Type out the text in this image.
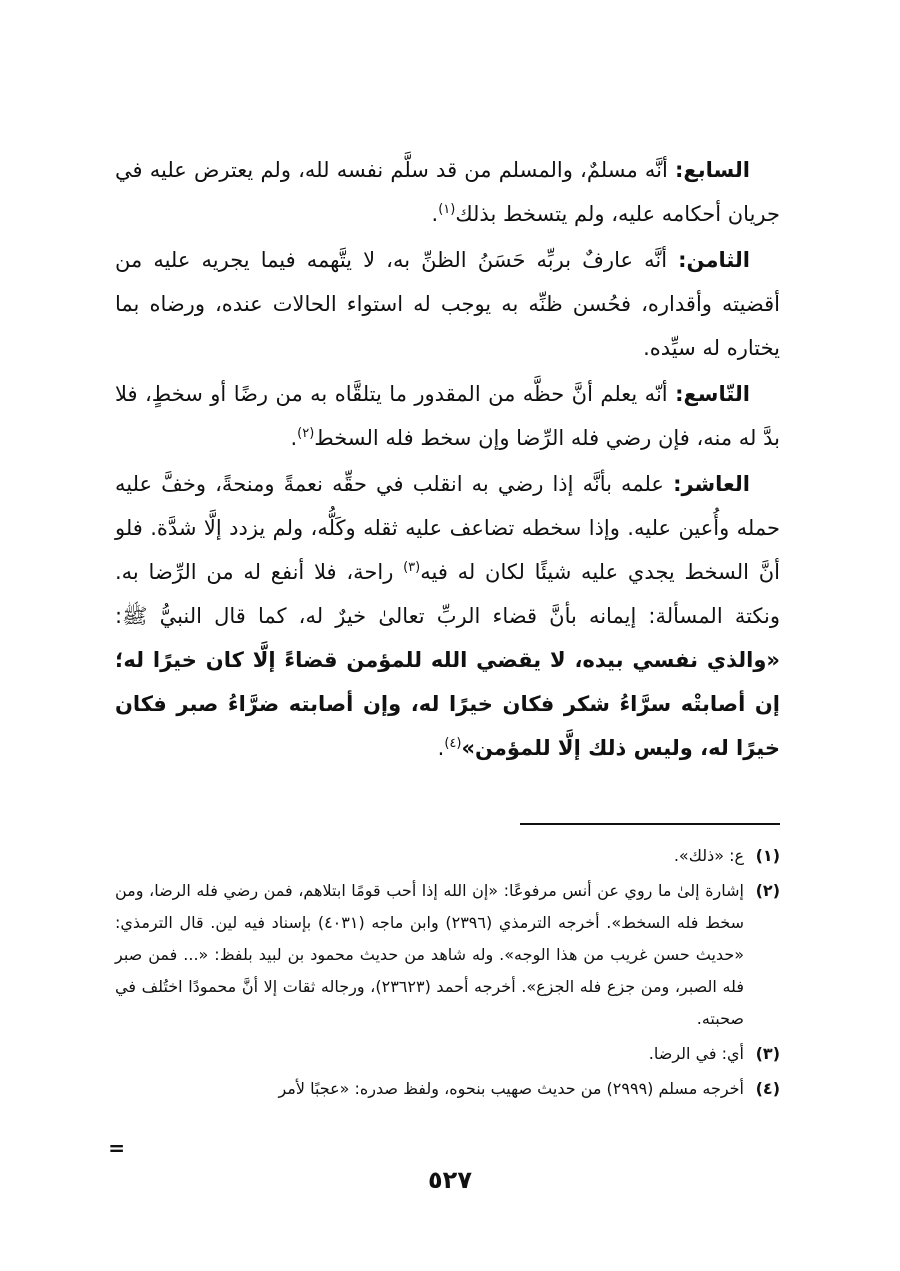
السابع: أنَّه مسلمٌ، والمسلم من قد سلَّم نفسه لله، ولم يعترض عليه في جريان أحكامه عليه، ولم يتسخط بذلك$^{(١)}$.

الثامن: أنَّه عارفٌ بربِّه حَسَنُ الظنِّ به، لا يتَّهمه فيما يجريه عليه من أقضيته وأقداره، فحُسن ظنِّه به يوجب له استواء الحالات عنده، ورضاه بما يختاره له سيِّده.

التّاسع: أنّه يعلم أنَّ حظَّه من المقدور ما يتلقَّاه به من رضًا أو سخطٍ، فلا بدَّ له منه، فإن رضي فله الرِّضا وإن سخط فله السخط$^{(٢)}$.

العاشر: علمه بأنَّه إذا رضي به انقلب في حقِّه نعمةً ومنحةً، وخفَّ عليه حمله وأُعين عليه. وإذا سخطه تضاعف عليه ثقله وكَلُّه، ولم يزدد إلَّا شدَّة. فلو أنَّ السخط يجدي عليه شيئًا لكان له فيه$^{(٣)}$ راحة، فلا أنفع له من الرِّضا به. ونكتة المسألة: إيمانه بأنَّ قضاء الربِّ تعالىٰ خيرٌ له، كما قال النبيُّ ﷺ: «والذي نفسي بيده، لا يقضي الله للمؤمن قضاءً إلَّا كان خيرًا له؛ إن أصابتْه سرَّاءُ شكر فكان خيرًا له، وإن أصابته ضرَّاءُ صبر فكان خيرًا له، وليس ذلك إلَّا للمؤمن»$^{(٤)}$.

(١)
ع: «ذلك».
(٢)
إشارة إلىٰ ما روي عن أنس مرفوعًا: «إن الله إذا أحب قومًا ابتلاهم، فمن رضي فله الرضا، ومن سخط فله السخط». أخرجه الترمذي (٢٣٩٦) وابن ماجه (٤٠٣١) بإسناد فيه لين. قال الترمذي: «حديث حسن غريب من هذا الوجه». وله شاهد من حديث محمود بن لبيد بلفظ: «... فمن صبر فله الصبر، ومن جزع فله الجزع». أخرجه أحمد (٢٣٦٢٣)، ورجاله ثقات إلا أنَّ محمودًا اختُلف في صحبته.
(٣)
أي: في الرضا.
(٤)
أخرجه مسلم (٢٩٩٩) من حديث صهيب بنحوه، ولفظ صدره: «عجبًا لأمر
=
٥٢٧
